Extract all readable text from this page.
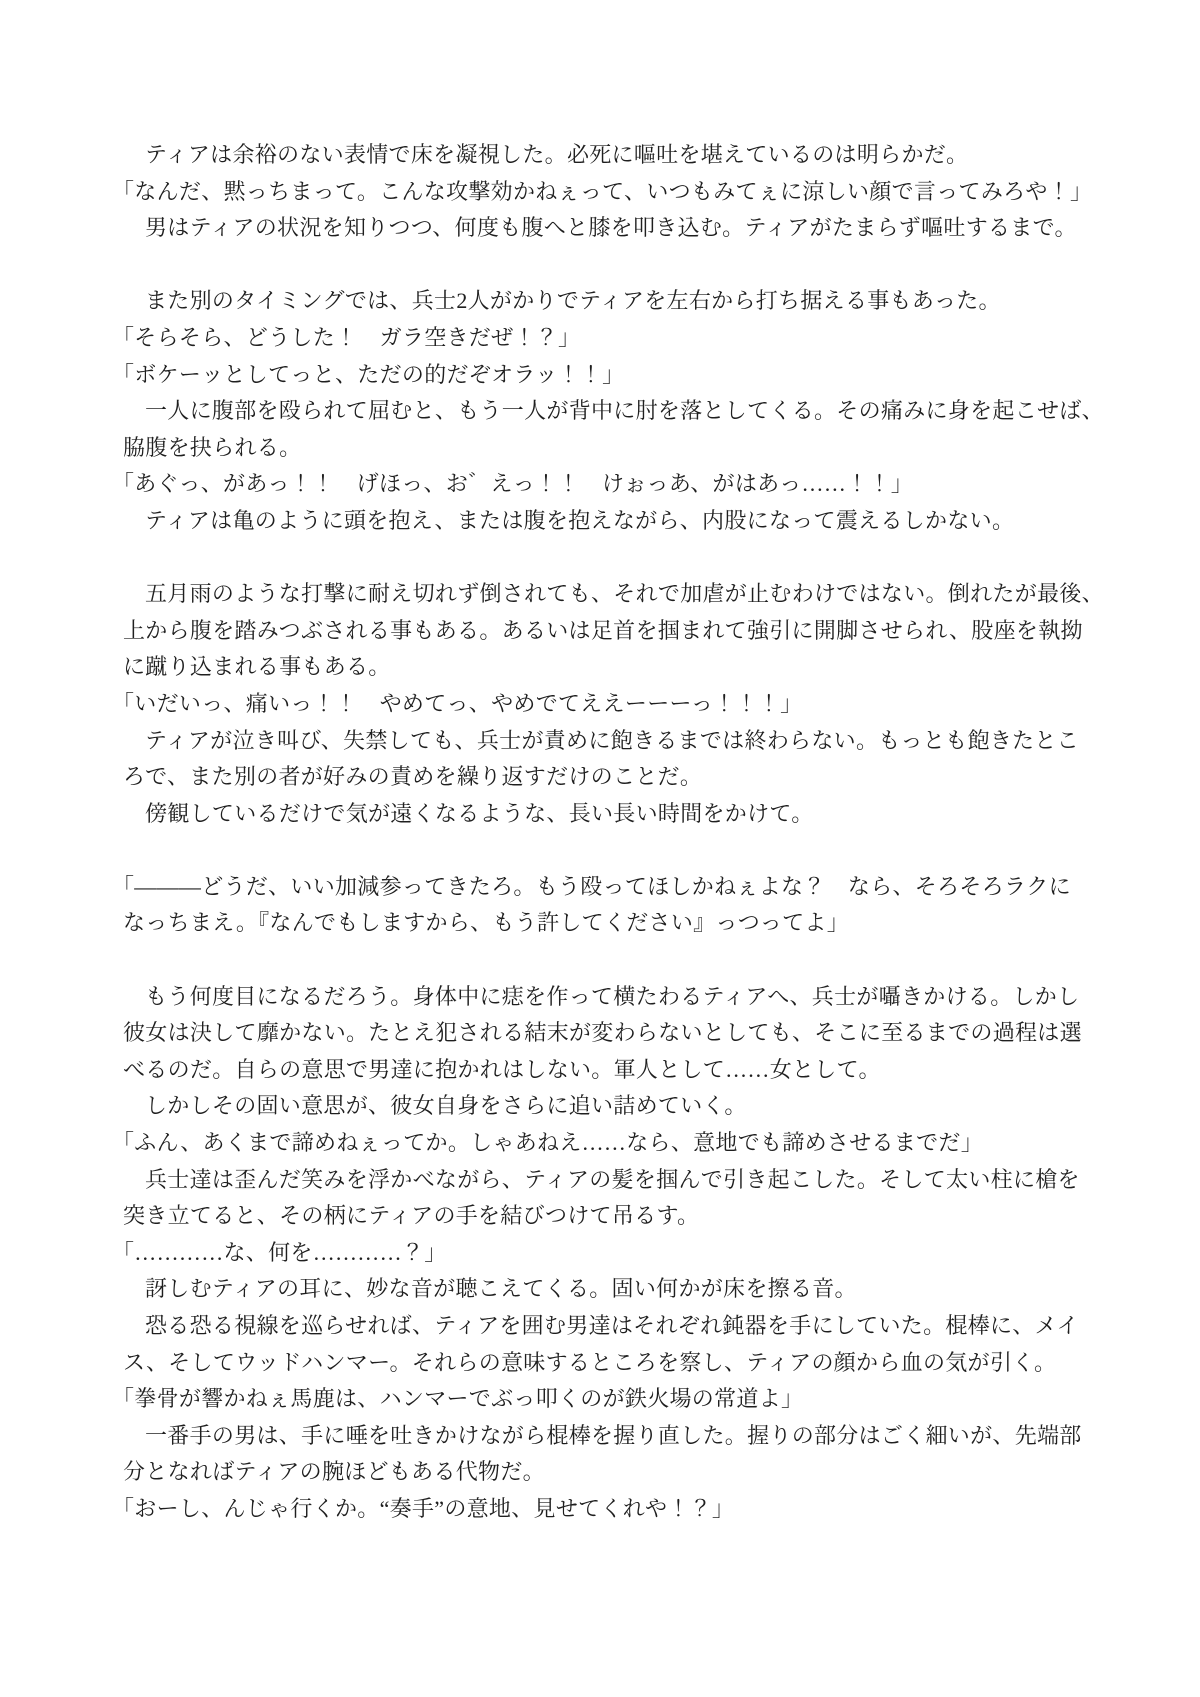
ティアは余裕のない表情で床を凝視した。必死に嘔吐を堪えているのは明らかだ。
「なんだ、黙っちまって。こんな攻撃効かねぇって、いつもみてぇに涼しい顔で言ってみろや！」
男はティアの状況を知りつつ、何度も腹へと膝を叩き込む。ティアがたまらず嘔吐するまで。
また別のタイミングでは、兵士2人がかりでティアを左右から打ち据える事もあった。
「そらそら、どうした！　ガラ空きだぜ！？」
「ボケーッとしてっと、ただの的だぞオラッ！！」
一人に腹部を殴られて屈むと、もう一人が背中に肘を落としてくる。その痛みに身を起こせば、
脇腹を抉られる。
「あぐっ、があっ！！　げほっ、お゛えっ！！　けぉっあ、がはあっ……！！」
ティアは亀のように頭を抱え、または腹を抱えながら、内股になって震えるしかない。
五月雨のような打撃に耐え切れず倒されても、それで加虐が止むわけではない。倒れたが最後、
上から腹を踏みつぶされる事もある。あるいは足首を掴まれて強引に開脚させられ、股座を執拗
に蹴り込まれる事もある。
「いだいっ、痛いっ！！　やめてっ、やめでてええーーーっ！！！」
ティアが泣き叫び、失禁しても、兵士が責めに飽きるまでは終わらない。もっとも飽きたとこ
ろで、また別の者が好みの責めを繰り返すだけのことだ。
傍観しているだけで気が遠くなるような、長い長い時間をかけて。
「―――どうだ、いい加減参ってきたろ。もう殴ってほしかねぇよな？　なら、そろそろラクに
なっちまえ。『なんでもしますから、もう許してください』っつってよ」
もう何度目になるだろう。身体中に痣を作って横たわるティアへ、兵士が囁きかける。しかし
彼女は決して靡かない。たとえ犯される結末が変わらないとしても、そこに至るまでの過程は選
べるのだ。自らの意思で男達に抱かれはしない。軍人として……女として。
しかしその固い意思が、彼女自身をさらに追い詰めていく。
「ふん、あくまで諦めねぇってか。しゃあねえ……なら、意地でも諦めさせるまでだ」
兵士達は歪んだ笑みを浮かべながら、ティアの髪を掴んで引き起こした。そして太い柱に槍を
突き立てると、その柄にティアの手を結びつけて吊るす。
「…………な、何を…………？」
訝しむティアの耳に、妙な音が聴こえてくる。固い何かが床を擦る音。
恐る恐る視線を巡らせれば、ティアを囲む男達はそれぞれ鈍器を手にしていた。棍棒に、メイ
ス、そしてウッドハンマー。それらの意味するところを察し、ティアの顔から血の気が引く。
「拳骨が響かねぇ馬鹿は、ハンマーでぶっ叩くのが鉄火場の常道よ」
一番手の男は、手に唾を吐きかけながら棍棒を握り直した。握りの部分はごく細いが、先端部
分となればティアの腕ほどもある代物だ。
「おーし、んじゃ行くか。“奏手”の意地、見せてくれや！？」
